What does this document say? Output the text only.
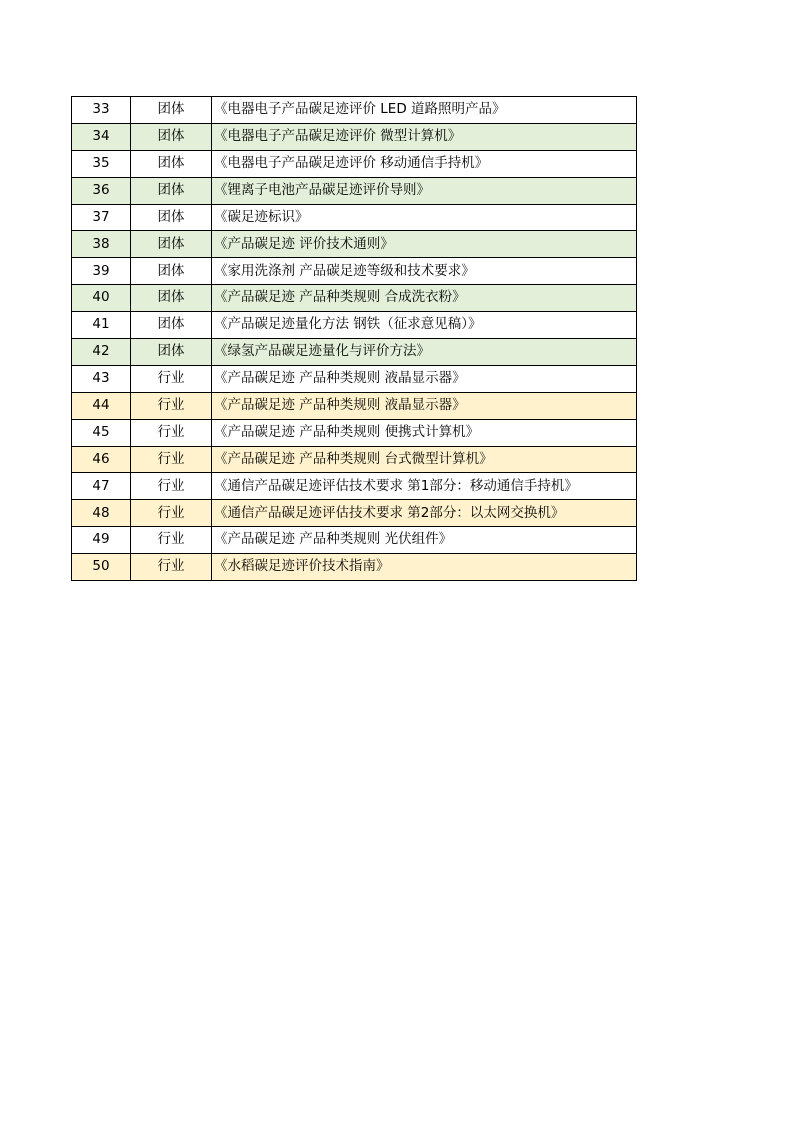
33	团体	《电器电子产品碳足迹评价 LED 道路照明产品》
34	团体	《电器电子产品碳足迹评价 微型计算机》
35	团体	《电器电子产品碳足迹评价 移动通信手持机》
36	团体	《锂离子电池产品碳足迹评价导则》
37	团体	《碳足迹标识》
38	团体	《产品碳足迹 评价技术通则》
39	团体	《家用洗涤剂 产品碳足迹等级和技术要求》
40	团体	《产品碳足迹 产品种类规则 合成洗衣粉》
41	团体	《产品碳足迹量化方法 钢铁（征求意见稿）》
42	团体	《绿氢产品碳足迹量化与评价方法》
43	行业	《产品碳足迹 产品种类规则 液晶显示器》
44	行业	《产品碳足迹 产品种类规则 液晶显示器》
45	行业	《产品碳足迹 产品种类规则 便携式计算机》
46	行业	《产品碳足迹 产品种类规则 台式微型计算机》
47	行业	《通信产品碳足迹评估技术要求 第1部分：移动通信手持机》
48	行业	《通信产品碳足迹评估技术要求 第2部分：以太网交换机》
49	行业	《产品碳足迹 产品种类规则 光伏组件》
50	行业	《水稻碳足迹评价技术指南》
